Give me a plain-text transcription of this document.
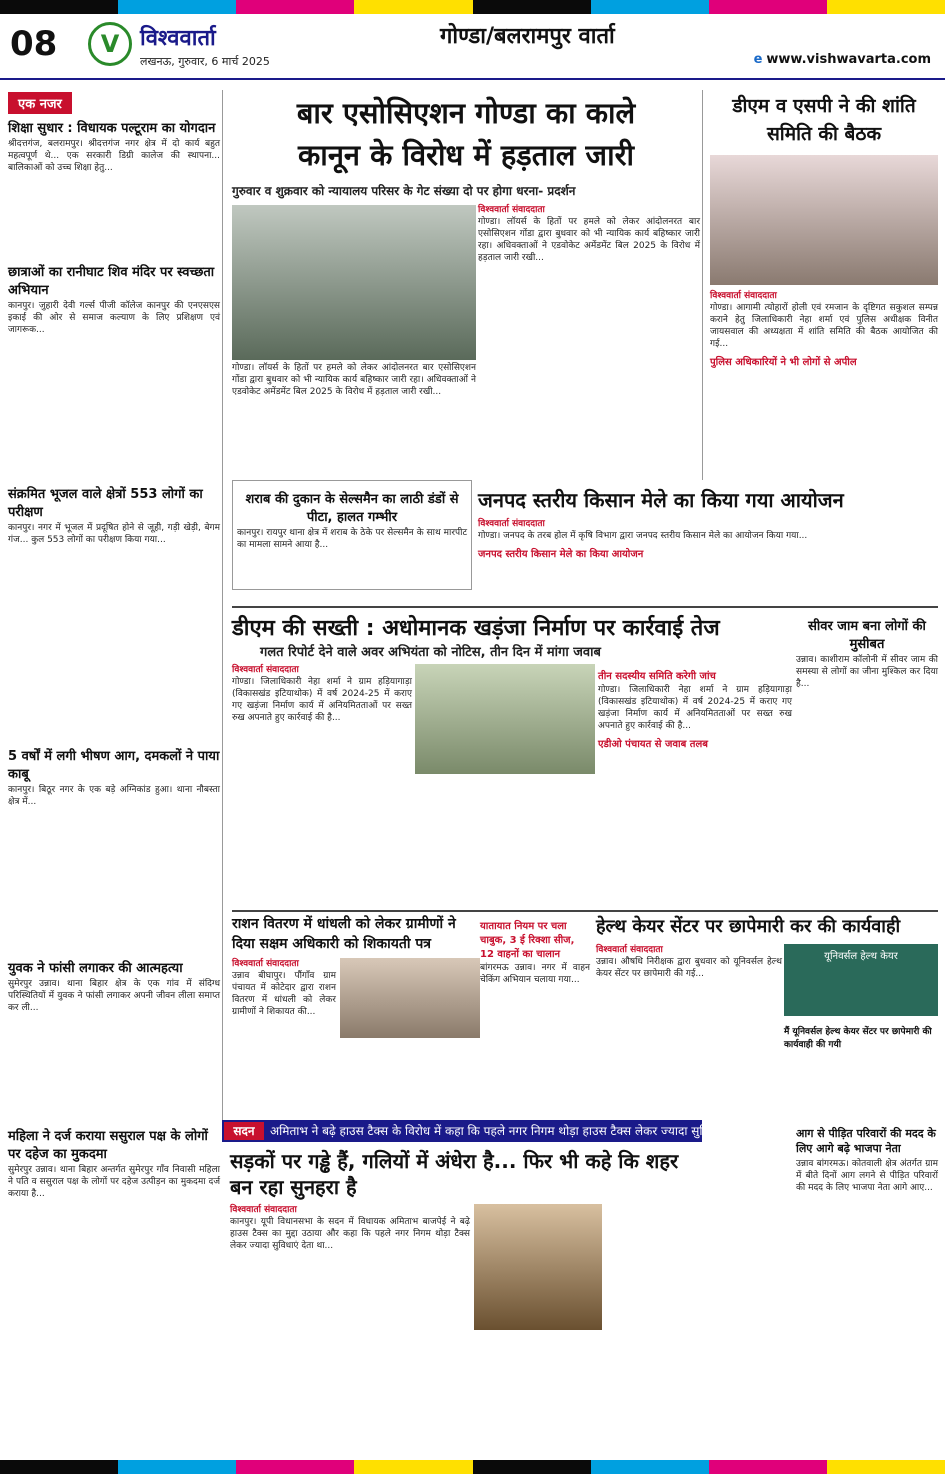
08	V विश्ववार्ता
लखनऊ, गुरुवार, 6 मार्च 2025
गोण्डा/बलरामपुर वार्ता
e www.vishwavarta.com
एक नजर
शिक्षा सुधार : विधायक पल्टूराम का योगदान
श्रीदत्तगंज, बलरामपुर। श्रीदत्तगंज नगर क्षेत्र में दो कार्य बहुत महत्वपूर्ण थे... एक सरकारी डिग्री कालेज की स्थापना... बालिकाओं को उच्च शिक्षा हेतु...
छात्राओं का रानीघाट शिव मंदिर पर स्वच्छता अभियान
कानपुर। जुहारी देवी गर्ल्स पीजी कॉलेज कानपुर की एनएसएस इकाई की ओर से समाज कल्याण के लिए प्रशिक्षण एवं जागरूक...
संक्रमित भूजल वाले क्षेत्रों 553 लोगों का परीक्षण
कानपुर। नगर में भूजल में प्रदूषित होने से जूही, गड़ी खेड़ी, बेगम गंज... कुल 553 लोगों का परीक्षण किया गया...
5 वर्षों में लगी भीषण आग, दमकलों ने पाया काबू
कानपुर। बिठूर नगर के एक बड़े अग्निकांड हुआ। थाना नौबस्ता क्षेत्र में...
युवक ने फांसी लगाकर की आत्महत्या
सुमेरपुर उन्नाव। थाना बिहार क्षेत्र के एक गांव में संदिग्ध परिस्थितियों में युवक ने फांसी लगाकर अपनी जीवन लीला समाप्त कर ली...
बार एसोसिएशन गोण्डा का काले
कानून के विरोध में हड़ताल जारी
गुरुवार व शुक्रवार को न्यायालय परिसर के गेट संख्या दो पर होगा धरना- प्रदर्शन
विश्ववार्ता संवाददाता
गोण्डा। लॉयर्स के हितों पर हमले को लेकर आंदोलनरत बार एसोसिएशन गोंडा द्वारा बुधवार को भी न्यायिक कार्य बहिष्कार जारी रहा। अधिवक्ताओं ने एडवोकेट अमेंडमेंट बिल 2025 के विरोध में हड़ताल जारी रखी...
गोण्डा। लॉयर्स के हितों पर हमले को लेकर आंदोलनरत बार एसोसिएशन गोंडा द्वारा बुधवार को भी न्यायिक कार्य बहिष्कार जारी रहा। अधिवक्ताओं ने एडवोकेट अमेंडमेंट बिल 2025 के विरोध में हड़ताल जारी रखी...
डीएम व एसपी ने की शांति समिति की बैठक
विश्ववार्ता संवाददाता
गोण्डा। आगामी त्योहारों होली एवं रमजान के दृष्टिगत सकुशल सम्पन्न कराने हेतु जिलाधिकारी नेहा शर्मा एवं पुलिस अधीक्षक विनीत जायसवाल की अध्यक्षता में शांति समिति की बैठक आयोजित की गई...
पुलिस अधिकारियों ने भी लोगों से अपील
शराब की दुकान के सेल्समैन का लाठी डंडों से पीटा, हालत गम्भीर
कानपुर। रायपुर थाना क्षेत्र में शराब के ठेके पर सेल्समैन के साथ मारपीट का मामला सामने आया है...
जनपद स्तरीय किसान मेले का किया गया आयोजन
विश्ववार्ता संवाददाता
गोण्डा। जनपद के तरब होल में कृषि विभाग द्वारा जनपद स्तरीय किसान मेले का आयोजन किया गया...
जनपद स्तरीय किसान मेले का किया आयोजन
डीएम की सख्ती : अधोमानक खड़ंजा निर्माण पर कार्रवाई तेज
गलत रिपोर्ट देने वाले अवर अभियंता को नोटिस, तीन दिन में मांगा जवाब
विश्ववार्ता संवाददाता
गोण्डा। जिलाधिकारी नेहा शर्मा ने ग्राम हड़ियागाड़ा (विकासखंड इटियाथोक) में वर्ष 2024-25 में कराए गए खड़ंजा निर्माण कार्य में अनियमितताओं पर सख्त रुख अपनाते हुए कार्रवाई की है...
तीन सदस्यीय समिति करेगी जांच
गोण्डा। जिलाधिकारी नेहा शर्मा ने ग्राम हड़ियागाड़ा (विकासखंड इटियाथोक) में वर्ष 2024-25 में कराए गए खड़ंजा निर्माण कार्य में अनियमितताओं पर सख्त रुख अपनाते हुए कार्रवाई की है...
एडीओ पंचायत से जवाब तलब
सीवर जाम बना लोगों की मुसीबत
उन्नाव। काशीराम कॉलोनी में सीवर जाम की समस्या से लोगों का जीना मुश्किल कर दिया है...
राशन वितरण में धांधली को लेकर ग्रामीणों ने दिया सक्षम अधिकारी को शिकायती पत्र
विश्ववार्ता संवाददाता
उन्नाव बीघापुर। पौंगाँव ग्राम पंचायत में कोटेदार द्वारा राशन वितरण में धांधली को लेकर ग्रामीणों ने शिकायत की...
यातायात नियम पर चला चाबुक, 3 ई रिक्शा सीज, 12 वाहनों का चालान
बांगरमऊ उन्नाव। नगर में वाहन चेकिंग अभियान चलाया गया...
हेल्थ केयर सेंटर पर छापेमारी कर की कार्यवाही
विश्ववार्ता संवाददाता
उन्नाव। औषधि निरीक्षक द्वारा बुधवार को यूनिवर्सल हेल्थ केयर सेंटर पर छापेमारी की गई...
यूनिवर्सल हेल्थ केयर
मैं यूनिवर्सल हेल्थ केयर सेंटर पर छापेमारी की कार्यवाही की गयी
महिला ने दर्ज कराया ससुराल पक्ष के लोगों पर दहेज का मुकदमा
सुमेरपुर उन्नाव। थाना बिहार अन्तर्गत सुमेरपुर गाँव निवासी महिला ने पति व ससुराल पक्ष के लोगों पर दहेज उत्पीड़न का मुकदमा दर्ज कराया है...
अमिताभ ने बढ़े हाउस टैक्स के विरोध में कहा कि पहले नगर निगम थोड़ा हाउस टैक्स लेकर ज्यादा सुविधाएं देता था
सदन
सड़कों पर गड्ढे हैं, गलियों में अंधेरा है... फिर भी कहे कि शहर बन रहा सुनहरा है
विश्ववार्ता संवाददाता
कानपुर। यूपी विधानसभा के सदन में विधायक अमिताभ बाजपेई ने बढ़े हाउस टैक्स का मुद्दा उठाया और कहा कि पहले नगर निगम थोड़ा टैक्स लेकर ज्यादा सुविधाएं देता था...
आग से पीड़ित परिवारों की मदद के लिए आगे बढ़े भाजपा नेता
उन्नाव बांगरमऊ। कोतवाली क्षेत्र अंतर्गत ग्राम में बीते दिनों आग लगने से पीड़ित परिवारों की मदद के लिए भाजपा नेता आगे आए...
